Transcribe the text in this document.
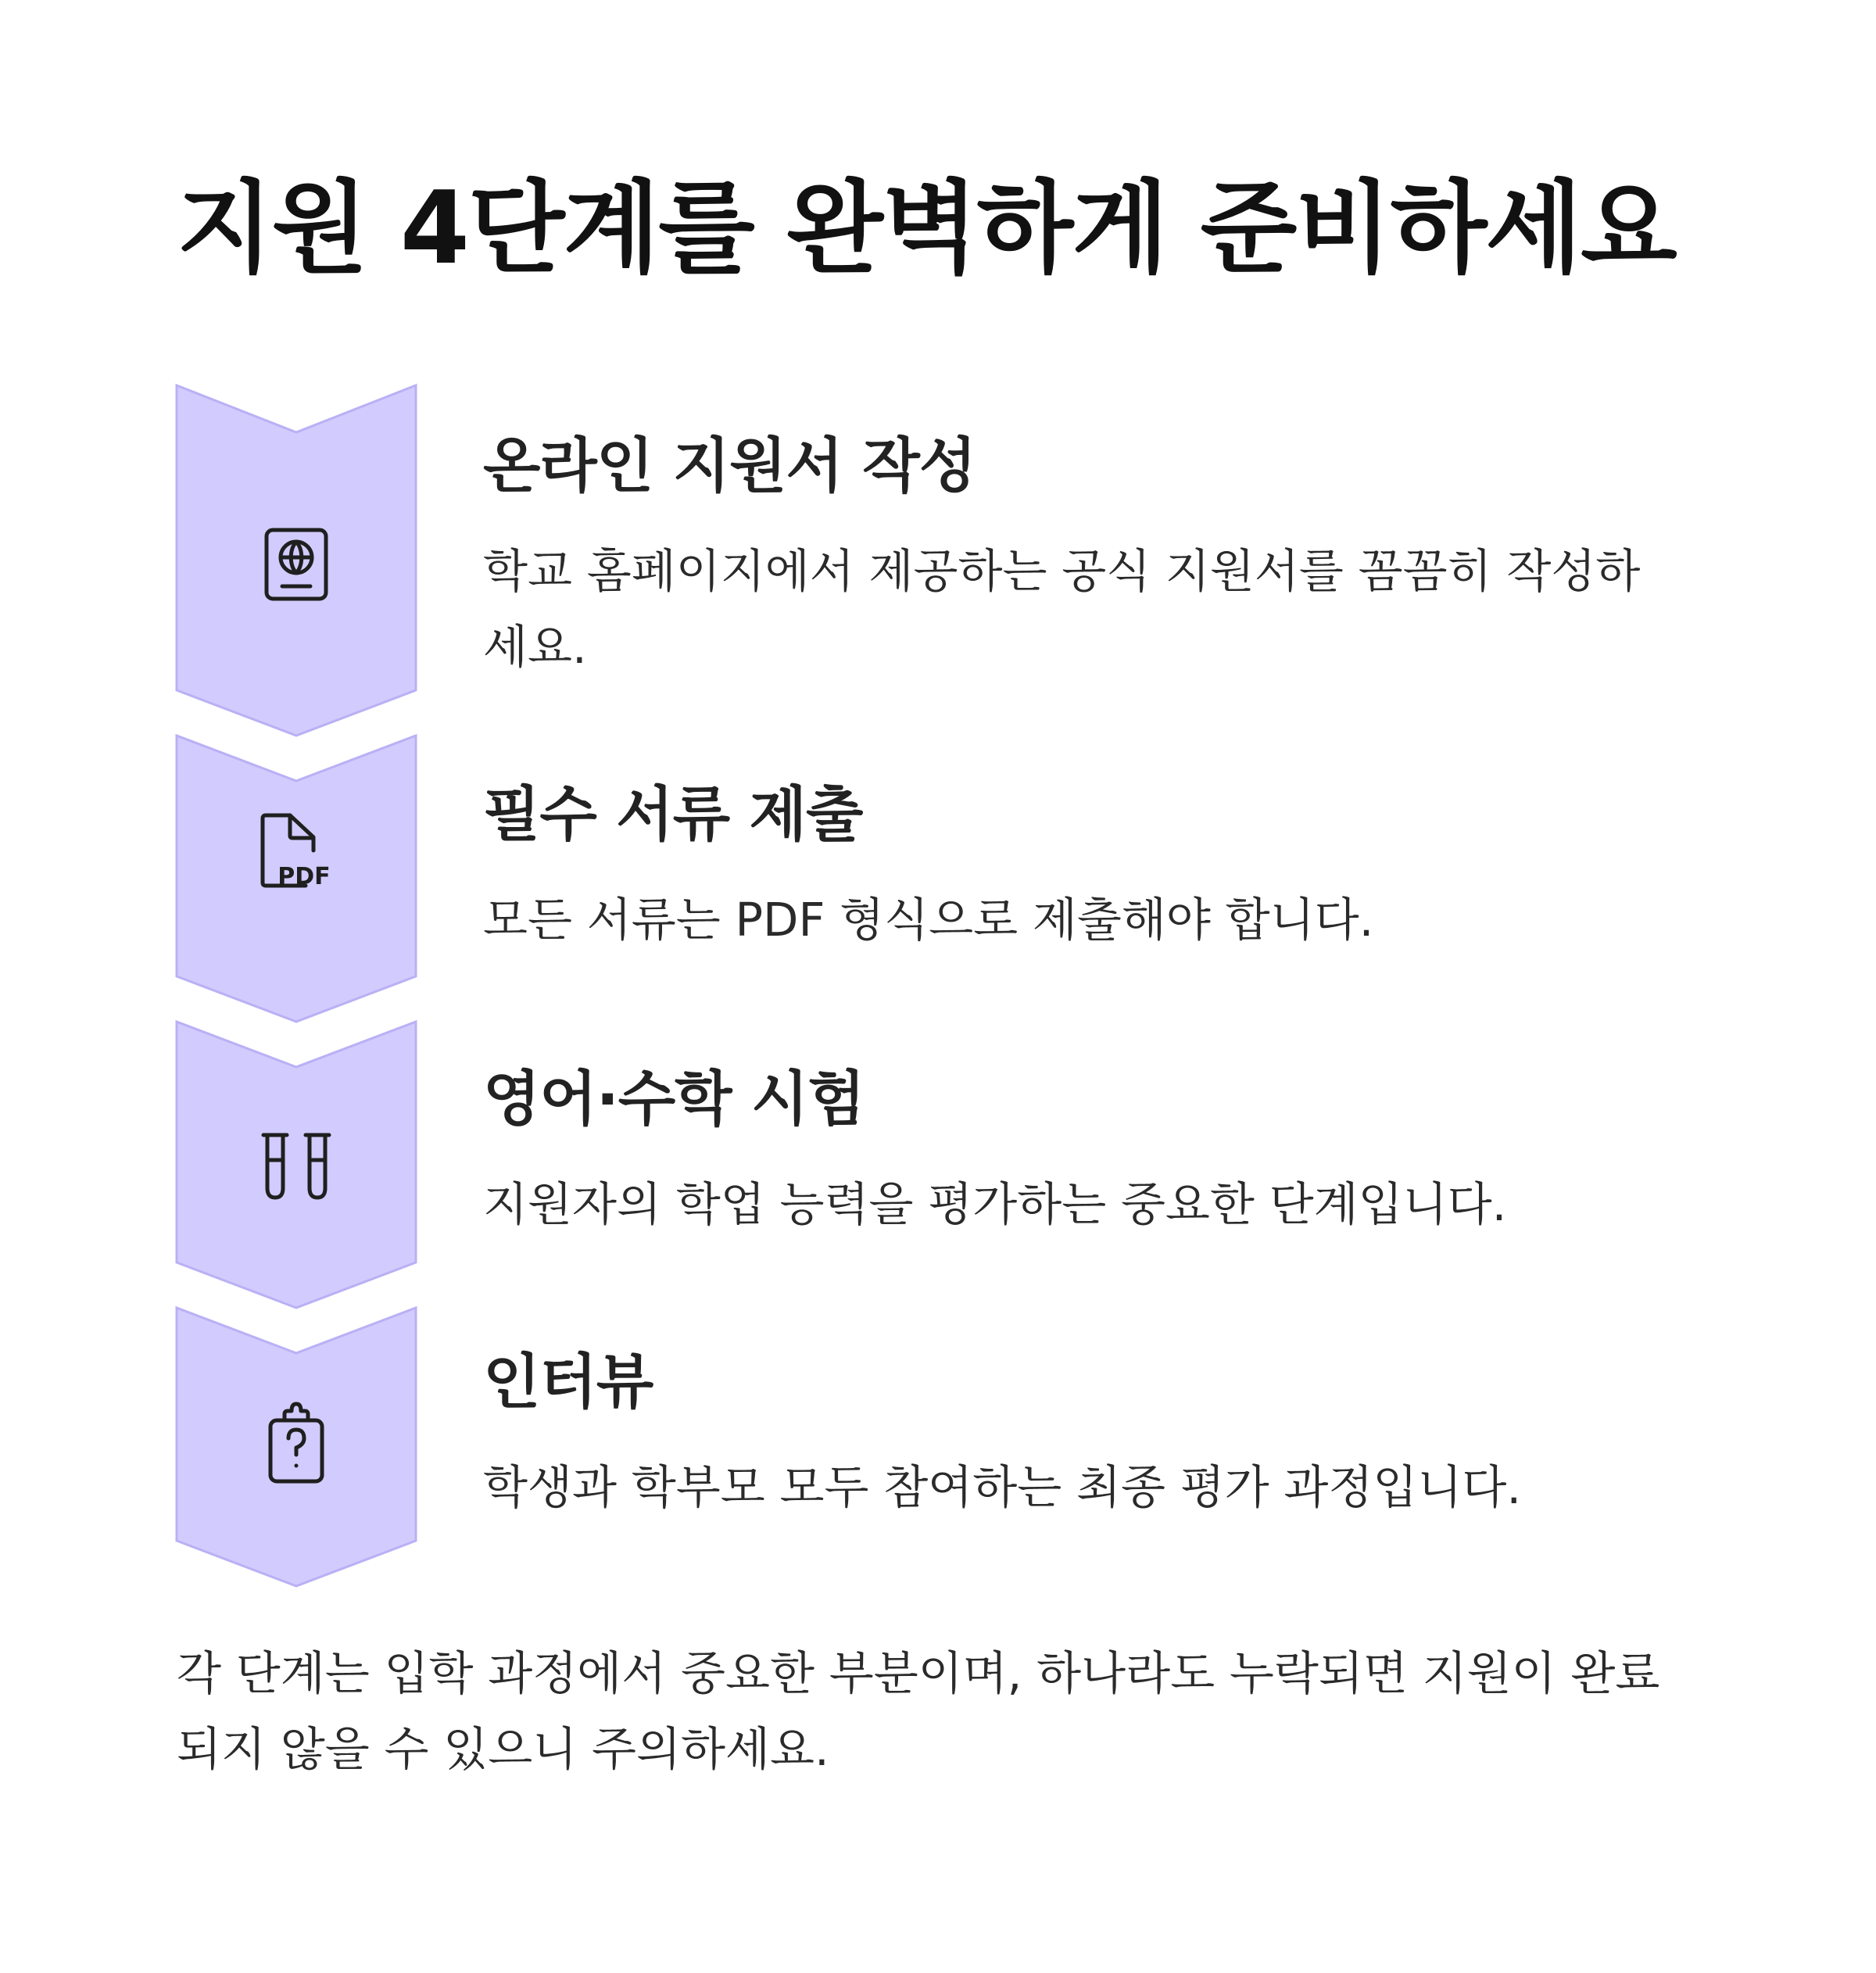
지원 4단계를 완벽하게 준비하세요
PDF
온라인 지원서 작성

학교 홈페이지에서 제공하는 공식 지원서를 꼼꼼히 작성하세요.

필수 서류 제출

모든 서류는 PDF 형식으로 제출해야 합니다.

영어·수학 시험

지원자의 학업 능력을 평가하는 중요한 단계입니다.

인터뷰

학생과 학부모 모두 참여하는 최종 평가 과정입니다.

각 단계는 입학 과정에서 중요한 부분이며, 하나라도 누락되면 지원이 완료되지 않을 수 있으니 주의하세요.
